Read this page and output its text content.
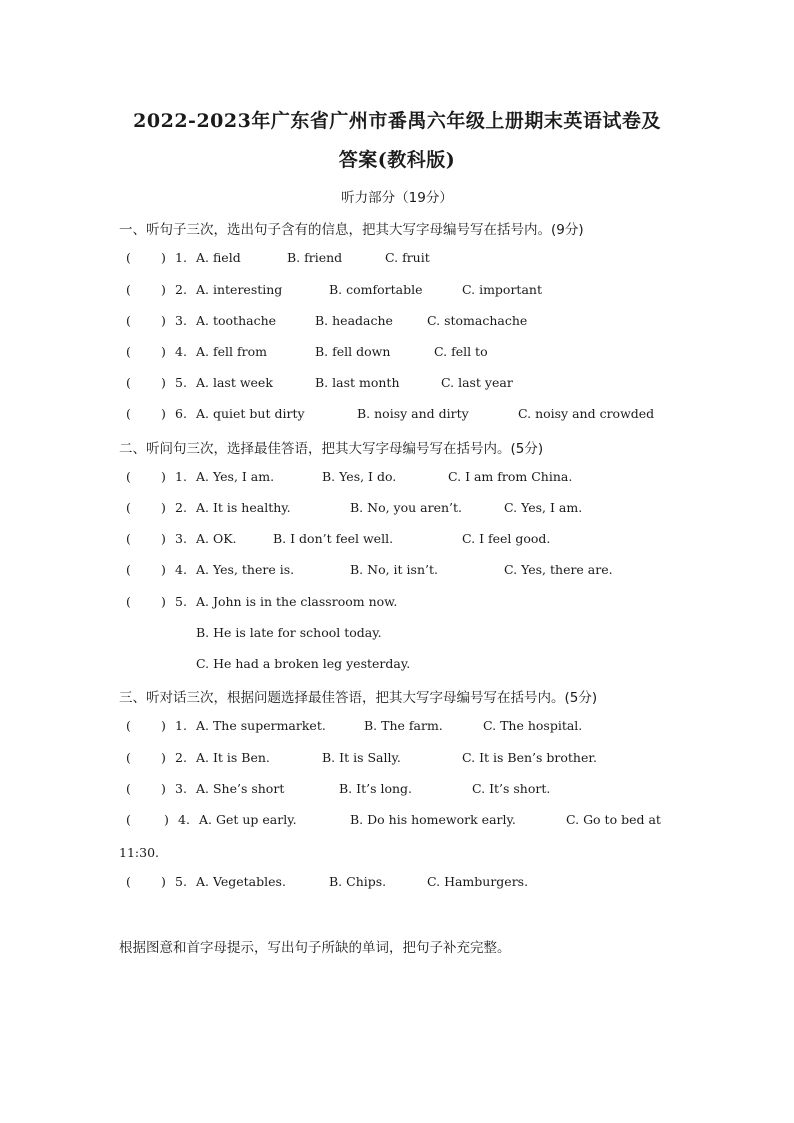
2022-2023年广东省广州市番禺六年级上册期末英语试卷及
答案(教科版)
听力部分（19分）
一、听句子三次，选出句子含有的信息，把其大写字母编号写在括号内。(9分)
( ) 1. A. field	B. friend	C. fruit
( ) 2. A. interesting	B. comfortable	C. important
( ) 3. A. toothache	B. headache	C. stomachache
( ) 4. A. fell from	B. fell down	C. fell to
( ) 5. A. last week	B. last month	C. last year
( ) 6. A. quiet but dirty	B. noisy and dirty	C. noisy and crowded
二、听问句三次，选择最佳答语，把其大写字母编号写在括号内。(5分)
( ) 1. A. Yes, I am.	B. Yes, I do.	C. I am from China.
( ) 2. A. It is healthy.	B. No, you aren’t.	C. Yes, I am.
( ) 3. A. OK.	B. I don’t feel well.	C. I feel good.
( ) 4. A. Yes, there is.	B. No, it isn’t.	C. Yes, there are.
( ) 5. A. John is in the classroom now.
B. He is late for school today.
C. He had a broken leg yesterday.
三、听对话三次，根据问题选择最佳答语，把其大写字母编号写在括号内。(5分)
( ) 1. A. The supermarket.	B. The farm.	C. The hospital.
( ) 2. A. It is Ben.	B. It is Sally.	C. It is Ben’s brother.
( ) 3. A. She’s short	B. It’s long.	C. It’s short.
(	) 4. A. Get up early.	B. Do his homework early.	C. Go to bed at
11:30.
( ) 5. A. Vegetables.	B. Chips.	C. Hamburgers.
根据图意和首字母提示，写出句子所缺的单词，把句子补充完整。
